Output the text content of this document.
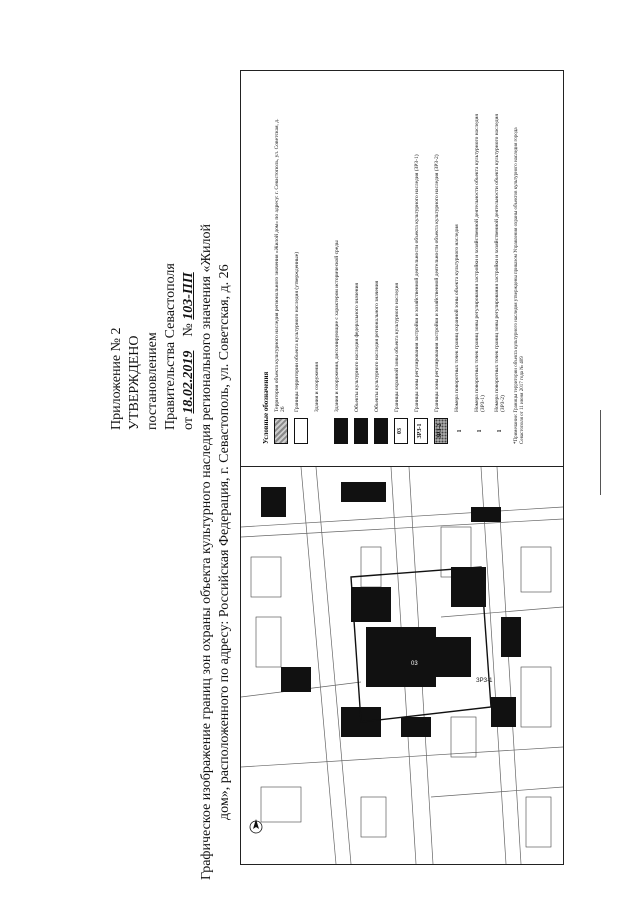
Приложение № 2 УТВЕРЖДЕНО постановлением Правительства Севастополя от 18.02.2019    № 103-ПП Графическое изображение границ зон охраны объекта культурного наследия регионального значения «Жилой дом», расположенного по адресу: Российская Федерация, г. Севастополь, ул. Советская, д. 26	Условные обозначения Территория объекта культурного наследия регионального значения «Жилой дом» по адресу: г. Севастополь, ул. Советская, д. 26 Границы территории объекта культурного наследия (утвержденные)	Здания и сооружения	Здания и сооружения, диссонирующие с характером исторической среды	Объекты культурного наследия федерального значения	Объекты культурного наследия регионального значения
03
Границы охранной зоны объекта культурного наследия
ЗРЗ-1
Границы зоны регулирования застройки и хозяйственной деятельности объекта культурного наследия (ЗРЗ-1)
ЗРЗ-2
Границы зоны регулирования застройки и хозяйственной деятельности объекта культурного наследия (ЗРЗ-2)
1
Номера поворотных точек границ охранной зоны объекта культурного наследия
1
Номера поворотных точек границ зоны регулирования застройки и хозяйственной деятельности объекта культурного наследия (ЗРЗ-1)
1
Номера поворотных точек границ зоны регулирования застройки и хозяйственной деятельности объекта культурного наследия (ЗРЗ-2) *Примечание: Границы территории объекта культурного наследия утверждены приказом Управления охраны объектов культурного наследия города Севастополя от 11 июня 2017 года № 409
ЗРЗ-1
03
